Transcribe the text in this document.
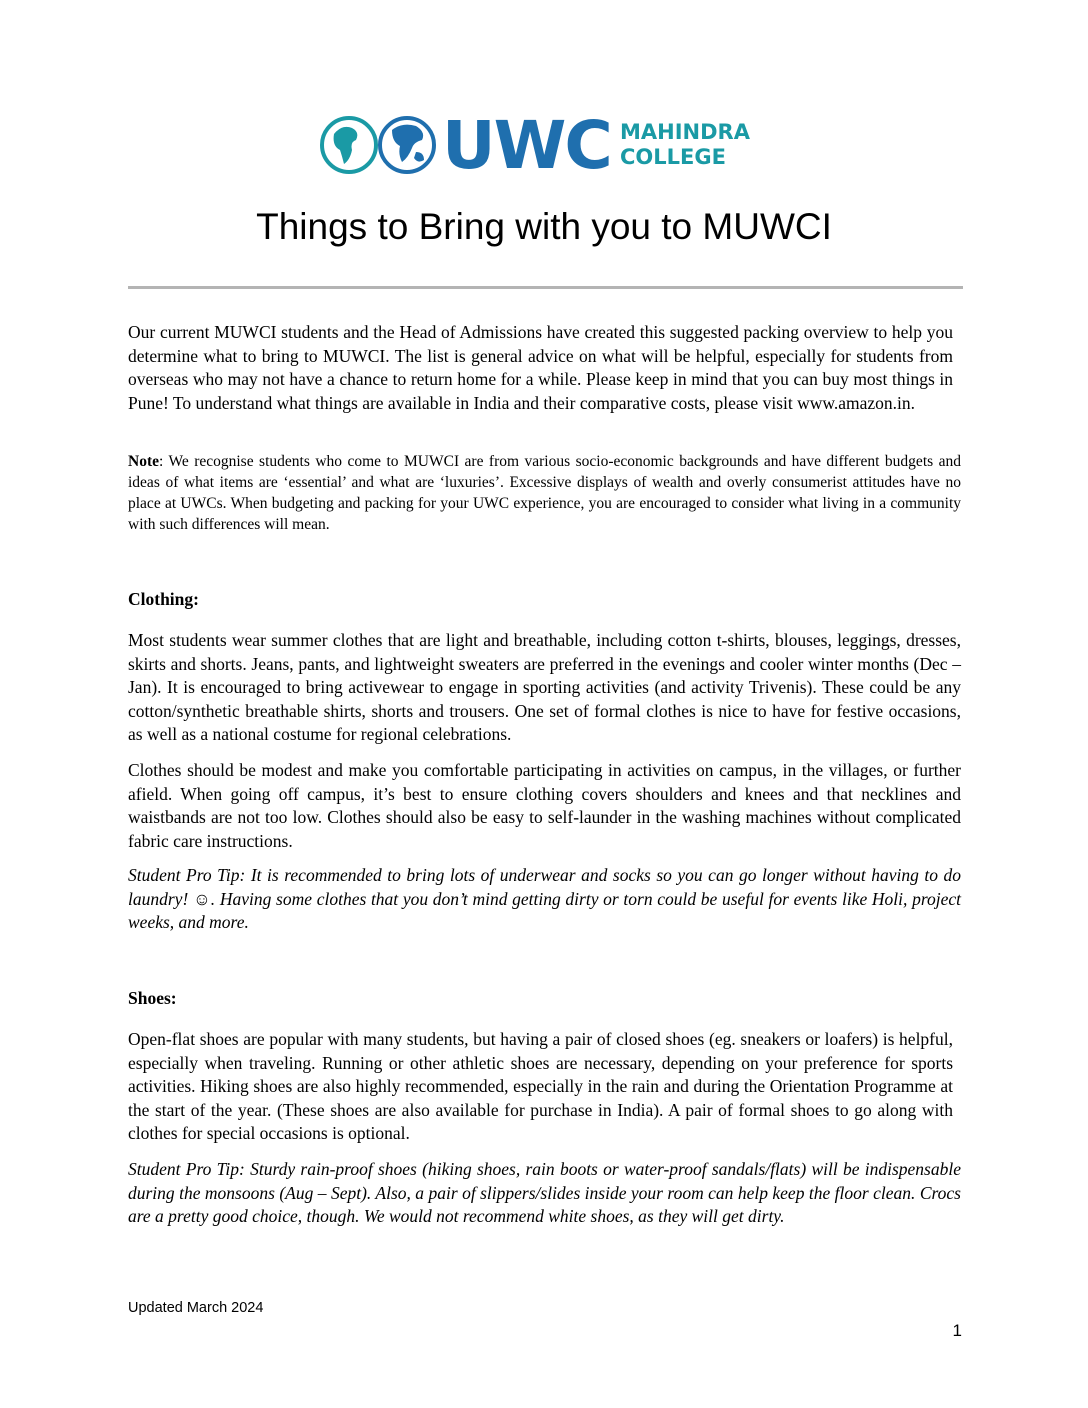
UWC MAHINDRA
COLLEGE
Things to Bring with you to MUWCI

Our current MUWCI students and the Head of Admissions have created this suggested packing overview to help you determine what to bring to MUWCI. The list is general advice on what will be helpful, especially for students from overseas who may not have a chance to return home for a while. Please keep in mind that you can buy most things in Pune! To understand what things are available in India and their comparative costs, please visit www.amazon.in.

Note: We recognise students who come to MUWCI are from various socio-economic backgrounds and have different budgets and ideas of what items are ‘essential’ and what are ‘luxuries’. Excessive displays of wealth and overly consumerist attitudes have no place at UWCs. When budgeting and packing for your UWC experience, you are encouraged to consider what living in a community with such differences will mean.

Clothing:

Most students wear summer clothes that are light and breathable, including cotton t-shirts, blouses, leggings, dresses, skirts and shorts. Jeans, pants, and lightweight sweaters are preferred in the evenings and cooler winter months (Dec – Jan). It is encouraged to bring activewear to engage in sporting activities (and activity Trivenis). These could be any cotton/synthetic breathable shirts, shorts and trousers. One set of formal clothes is nice to have for festive occasions, as well as a national costume for regional celebrations.

Clothes should be modest and make you comfortable participating in activities on campus, in the villages, or further afield. When going off campus, it’s best to ensure clothing covers shoulders and knees and that necklines and waistbands are not too low. Clothes should also be easy to self-launder in the washing machines without complicated fabric care instructions.

Student Pro Tip: It is recommended to bring lots of underwear and socks so you can go longer without having to do laundry! ☺. Having some clothes that you don’t mind getting dirty or torn could be useful for events like Holi, project weeks, and more.

Shoes:

Open-flat shoes are popular with many students, but having a pair of closed shoes (eg. sneakers or loafers) is helpful, especially when traveling. Running or other athletic shoes are necessary, depending on your preference for sports activities. Hiking shoes are also highly recommended, especially in the rain and during the Orientation Programme at the start of the year. (These shoes are also available for purchase in India). A pair of formal shoes to go along with clothes for special occasions is optional.

Student Pro Tip: Sturdy rain-proof shoes (hiking shoes, rain boots or water-proof sandals/flats) will be indispensable during the monsoons (Aug – Sept). Also, a pair of slippers/slides inside your room can help keep the floor clean. Crocs are a pretty good choice, though. We would not recommend white shoes, as they will get dirty.

Updated March 2024
1
